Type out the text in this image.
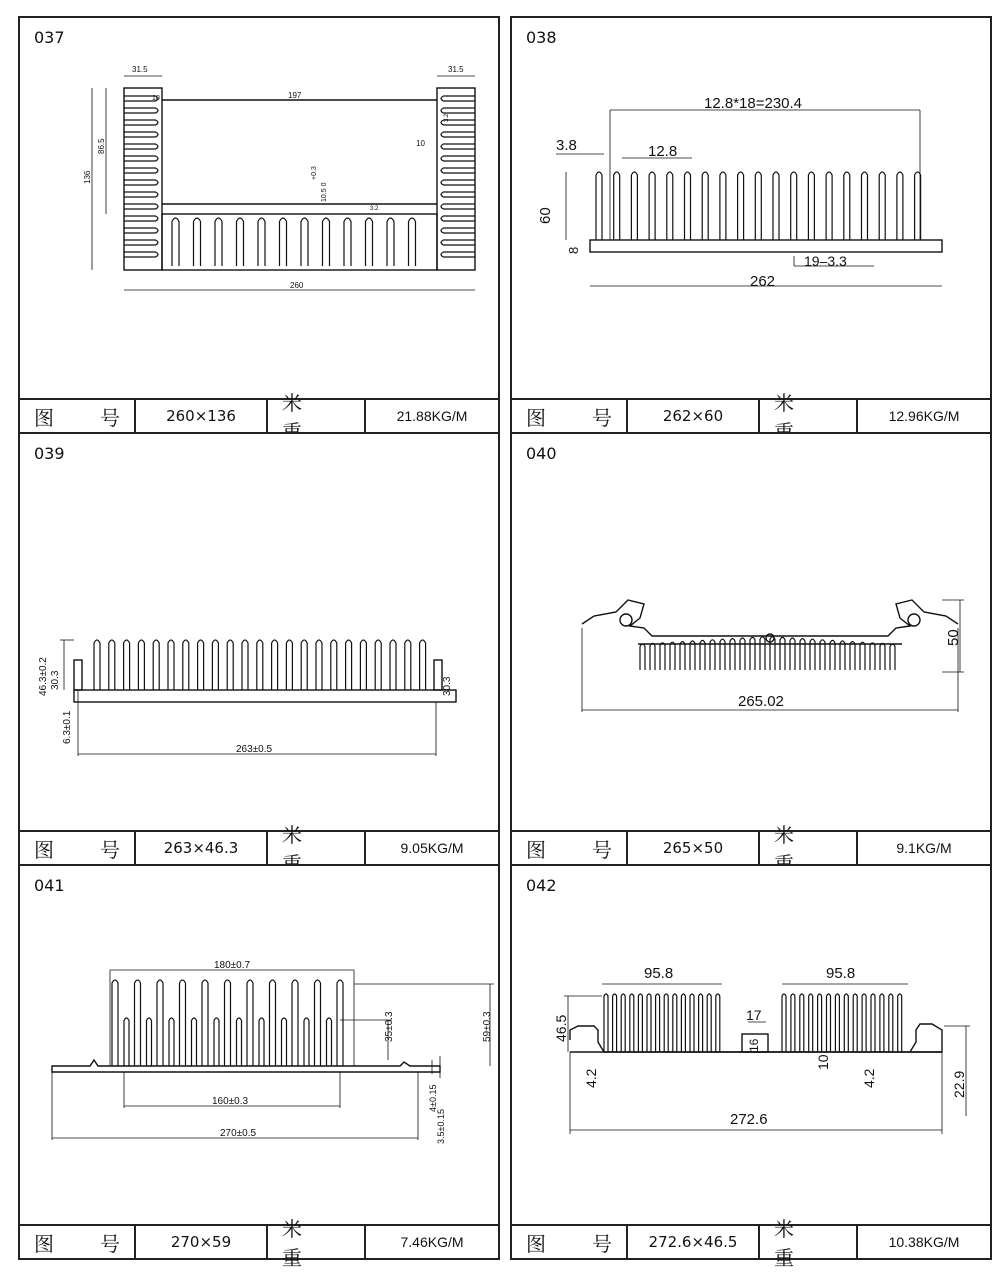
037
31.5	31.5
197
86.5
136
10
10
+0.3
10.5 0
3.2
3.2
260
图 号	260×136
米
21.88KG/M
038
12.8*18=230.4
3.8	12.8
60
8
19–3.3
262
图 号	262×60
米
12.96KG/M
039
46.3±0.2 30.3	30.3
6.3±0.1
263±0.5
图 号	263×46.3
米
9.05KG/M
040
50
265.02
图 号	265×50
米
9.1KG/M
041
180±0.7
35±0.3	59±0.3
160±0.3	4±0.15
3.5±0.15
270±0.5
图 号	270×59
米 重
7.46KG/M
042
95.8	95.8
46.5	17
16
4.2
10
4.2	22.9
272.6
图 号	272.6×46.5
米 重
10.38KG/M
